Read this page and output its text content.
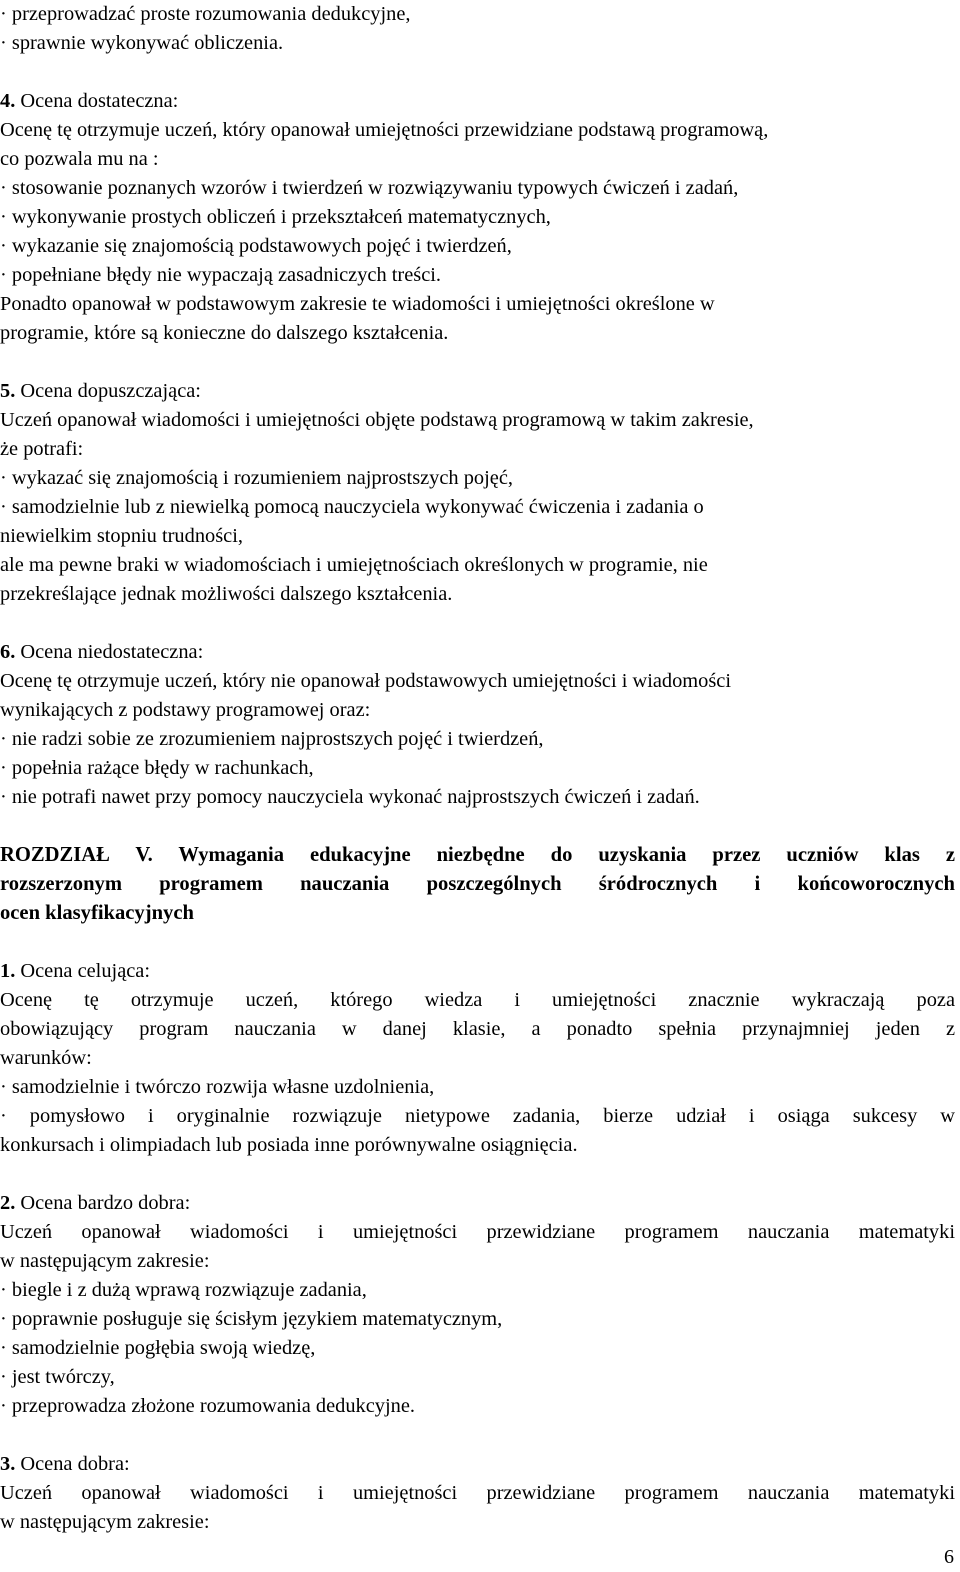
· przeprowadzać proste rozumowania dedukcyjne,
· sprawnie wykonywać obliczenia.
4. Ocena dostateczna:
Ocenę tę otrzymuje uczeń, który opanował umiejętności przewidziane podstawą programową,
co pozwala mu na :
· stosowanie poznanych wzorów i twierdzeń w rozwiązywaniu typowych ćwiczeń i zadań,
· wykonywanie prostych obliczeń i przekształceń matematycznych,
· wykazanie się znajomością podstawowych pojęć i twierdzeń,
· popełniane błędy nie wypaczają zasadniczych treści.
Ponadto opanował w podstawowym zakresie te wiadomości i umiejętności określone w
programie, które są konieczne do dalszego kształcenia.
5. Ocena dopuszczająca:
Uczeń opanował wiadomości i umiejętności objęte podstawą programową w takim zakresie,
że potrafi:
· wykazać się znajomością i rozumieniem najprostszych pojęć,
· samodzielnie lub z niewielką pomocą nauczyciela wykonywać ćwiczenia i zadania o
niewielkim stopniu trudności,
ale ma pewne braki w wiadomościach i umiejętnościach określonych w programie, nie
przekreślające jednak możliwości dalszego kształcenia.
6. Ocena niedostateczna:
Ocenę tę otrzymuje uczeń, który nie opanował podstawowych umiejętności i wiadomości
wynikających z podstawy programowej oraz:
· nie radzi sobie ze zrozumieniem najprostszych pojęć i twierdzeń,
· popełnia rażące błędy w rachunkach,
· nie potrafi nawet przy pomocy nauczyciela wykonać najprostszych ćwiczeń i zadań.
ROZDZIAŁ V. Wymagania edukacyjne niezbędne do uzyskania przez uczniów klas z
rozszerzonym programem nauczania poszczególnych śródrocznych i końcoworocznych
ocen klasyfikacyjnych
1. Ocena celująca:
Ocenę tę otrzymuje uczeń, którego wiedza i umiejętności znacznie wykraczają poza
obowiązujący program nauczania w danej klasie, a ponadto spełnia przynajmniej jeden z
warunków:
· samodzielnie i twórczo rozwija własne uzdolnienia,
· pomysłowo i oryginalnie rozwiązuje nietypowe zadania, bierze udział i osiąga sukcesy w
konkursach i olimpiadach lub posiada inne porównywalne osiągnięcia.
2. Ocena bardzo dobra:
Uczeń opanował wiadomości i umiejętności przewidziane programem nauczania matematyki
w następującym zakresie:
· biegle i z dużą wprawą rozwiązuje zadania,
· poprawnie posługuje się ścisłym językiem matematycznym,
· samodzielnie pogłębia swoją wiedzę,
· jest twórczy,
· przeprowadza złożone rozumowania dedukcyjne.
3. Ocena dobra:
Uczeń opanował wiadomości i umiejętności przewidziane programem nauczania matematyki
w następującym zakresie:
6
